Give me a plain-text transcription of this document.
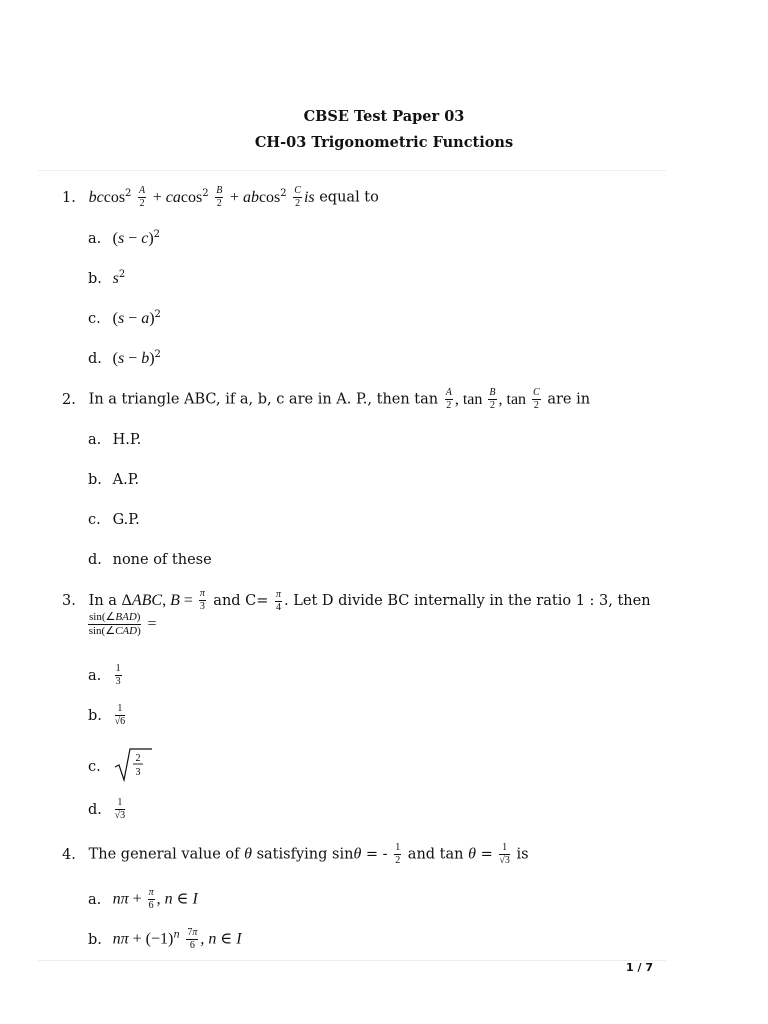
CBSE Test Paper 03
CH-03 Trigonometric Functions
1. $bccos^2 \frac{A}{2} + cacos^2 \frac{B}{2} + abcos^2 \frac{C}{2}$ is equal to
a. $(s - c)^2$
b. $s^2$
c. $(s - a)^2$
d. $(s - b)^2$
2. In a triangle ABC, if a, b, c are in A. P., then $\tan \frac{A}{2}$ , $\tan \frac{B}{2}$ , $\tan \frac{C}{2}$ are in
a. H.P.
b. A.P.
c. G.P.
d. none of these
3. In a ΔABC, $B = \frac{\pi}{3}$ and $C= \frac{\pi}{4}$ . Let D divide BC internally in the ratio 1 : 3, then
$\frac{\text{sin(∠BAD)}}{\text{sin(∠CAD)}}$ =
a. $\frac{1}{3}$
b. $\frac{1}{√6}$
c.
2
3
d. $\frac{1}{√3}$
4. The general value of θ satisfying sinθ = - $\frac{1}{2}$ and $\tan \theta = \frac{1}{√3}$ is
a. $n\pi + \frac{\pi}{6}$ , n ∈ I
b. $n\pi + (-1)^n \frac{7\pi}{6}$ , n ∈ I
1 / 7
